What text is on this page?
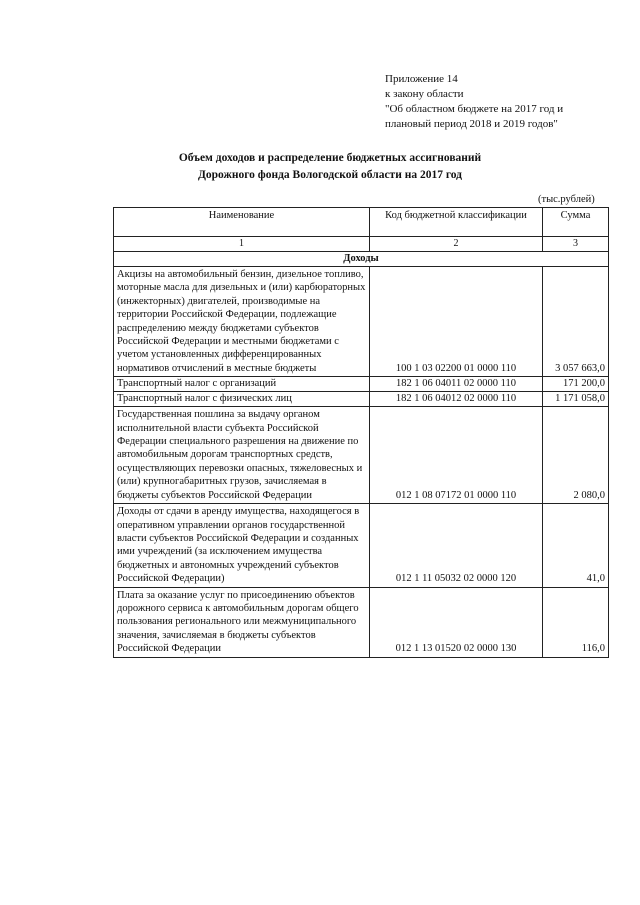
Приложение 14
к закону области
"Об областном бюджете на 2017 год и
плановый период 2018 и 2019 годов"
Объем доходов и распределение бюджетных ассигнований
Дорожного фонда Вологодской области на 2017 год
(тыс.рублей)
Наименование	Код бюджетной классификации	Сумма
1	2	3
Доходы		
Акцизы на автомобильный бензин, дизельное топливо, моторные масла для дизельных и (или) карбюраторных (инжекторных) двигателей, производимые на территории Российской Федерации, подлежащие распределению между бюджетами субъектов Российской Федерации и местными бюджетами с учетом установленных дифференцированных нормативов отчислений в местные бюджеты	100 1 03 02200 01 0000 110	3 057 663,0
Транспортный налог с организаций	182 1 06 04011 02 0000 110	171 200,0
Транспортный налог с физических лиц	182 1 06 04012 02 0000 110	1 171 058,0
Государственная пошлина за выдачу органом исполнительной власти субъекта Российской Федерации специального разрешения на движение по автомобильным дорогам транспортных средств, осуществляющих перевозки опасных, тяжеловесных и (или) крупногабаритных грузов, зачисляемая в бюджеты субъектов Российской Федерации	012 1 08 07172 01 0000 110	2 080,0
Доходы от сдачи в аренду имущества, находящегося в оперативном управлении органов государственной власти субъектов Российской Федерации и созданных ими учреждений (за исключением имущества бюджетных и автономных учреждений субъектов Российской Федерации)	012 1 11 05032 02 0000 120	41,0
Плата за оказание услуг по присоединению объектов дорожного сервиса к автомобильным дорогам общего пользования регионального или межмуниципального значения, зачисляемая в бюджеты субъектов Российской Федерации	012 1 13 01520 02 0000 130	116,0
